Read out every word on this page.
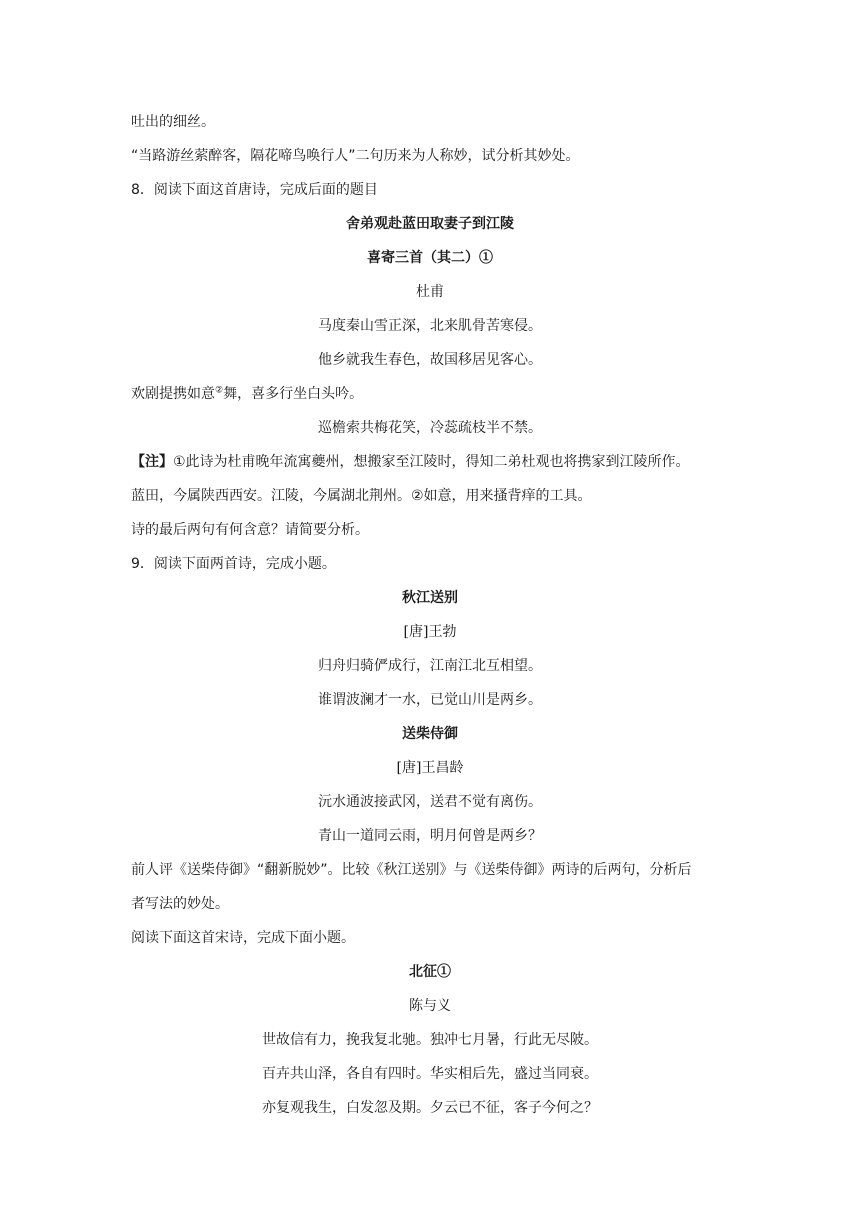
吐出的细丝。
“当路游丝萦醉客，隔花啼鸟唤行人”二句历来为人称妙，试分析其妙处。
8．阅读下面这首唐诗，完成后面的题目
舍弟观赴蓝田取妻子到江陵
喜寄三首（其二）①
杜甫
马度秦山雪正深，北来肌骨苦寒侵。
他乡就我生春色，故国移居见客心。
欢剧提携如意②舞，喜多行坐白头吟。
巡檐索共梅花笑，冷蕊疏枝半不禁。
【注】①此诗为杜甫晚年流寓夔州，想搬家至江陵时，得知二弟杜观也将携家到江陵所作。
蓝田，今属陕西西安。江陵，今属湖北荆州。②如意，用来搔背痒的工具。
诗的最后两句有何含意？请简要分析。
9．阅读下面两首诗，完成小题。
秋江送别
[唐]王勃
归舟归骑俨成行，江南江北互相望。
谁谓波澜才一水，已觉山川是两乡。
送柴侍御
[唐]王昌龄
沅水通波接武冈，送君不觉有离伤。
青山一道同云雨，明月何曾是两乡？
前人评《送柴侍御》“翻新脱妙”。比较《秋江送别》与《送柴侍御》两诗的后两句，分析后
者写法的妙处。
阅读下面这首宋诗，完成下面小题。
北征①
陈与义
世故信有力，挽我复北驰。独冲七月暑，行此无尽陂。
百卉共山泽，各自有四时。华实相后先，盛过当同衰。
亦复观我生，白发忽及期。夕云已不征，客子今何之？
